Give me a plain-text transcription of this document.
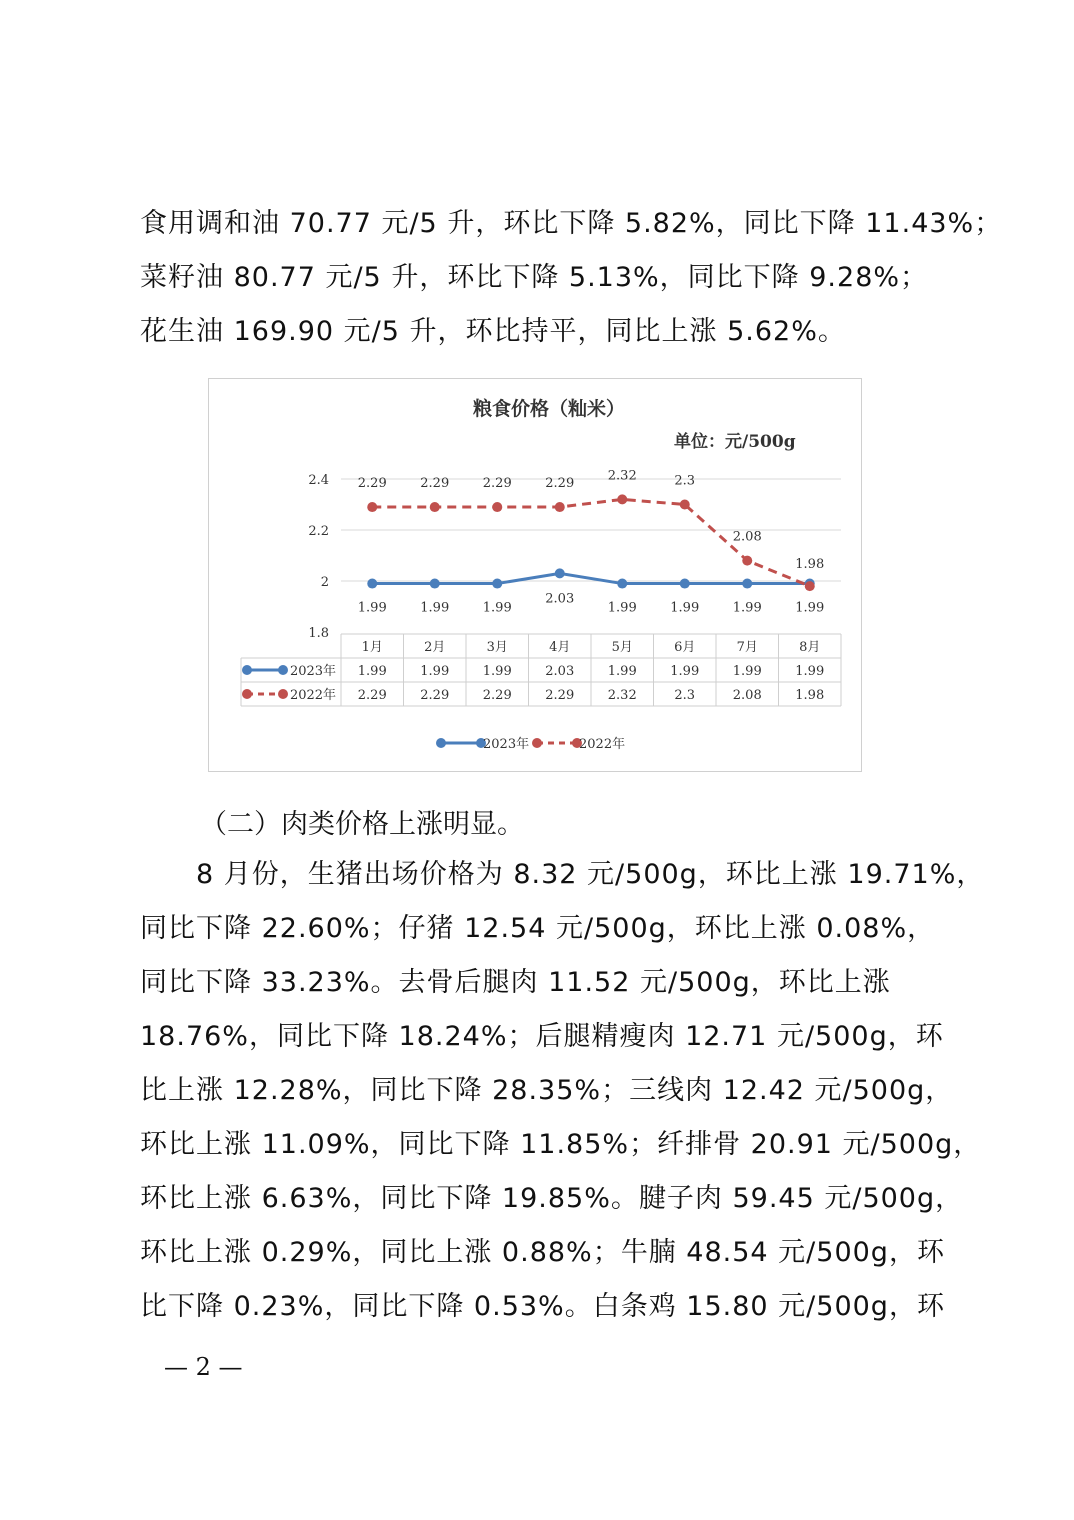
食用调和油 70.77 元/5 升，环比下降 5.82%，同比下降 11.43%；
菜籽油 80.77 元/5 升，环比下降 5.13%，同比下降 9.28%；
花生油 169.90 元/5 升，环比持平，同比上涨 5.62%。
粮食价格（籼米）
单位：元/500g
1.8
2
2.2
2.4
1.99	1.99	1.99
2.03
1.99	1.99	1.99	1.99
2.29	2.29	2.29	2.29
2.32	2.3
2.08
1.98
1月	2月	3月	4月	5月	6月	7月	8月
2023年 1.99	1.99	1.99	2.03	1.99	1.99	1.99	1.99
2022年 2.29	2.29	2.29	2.29	2.32	2.3	2.08	1.98
2023年	2022年
（二）肉类价格上涨明显。
8 月份，生猪出场价格为 8.32 元/500g，环比上涨 19.71%，
同比下降 22.60%；仔猪 12.54 元/500g，环比上涨 0.08%，
同比下降 33.23%。去骨后腿肉 11.52 元/500g，环比上涨
18.76%，同比下降 18.24%；后腿精瘦肉 12.71 元/500g，环
比上涨 12.28%，同比下降 28.35%；三线肉 12.42 元/500g，
环比上涨 11.09%，同比下降 11.85%；纤排骨 20.91 元/500g，
环比上涨 6.63%，同比下降 19.85%。腱子肉 59.45 元/500g，
环比上涨 0.29%，同比上涨 0.88%；牛腩 48.54 元/500g，环
比下降 0.23%，同比下降 0.53%。白条鸡 15.80 元/500g，环
— 2 —
